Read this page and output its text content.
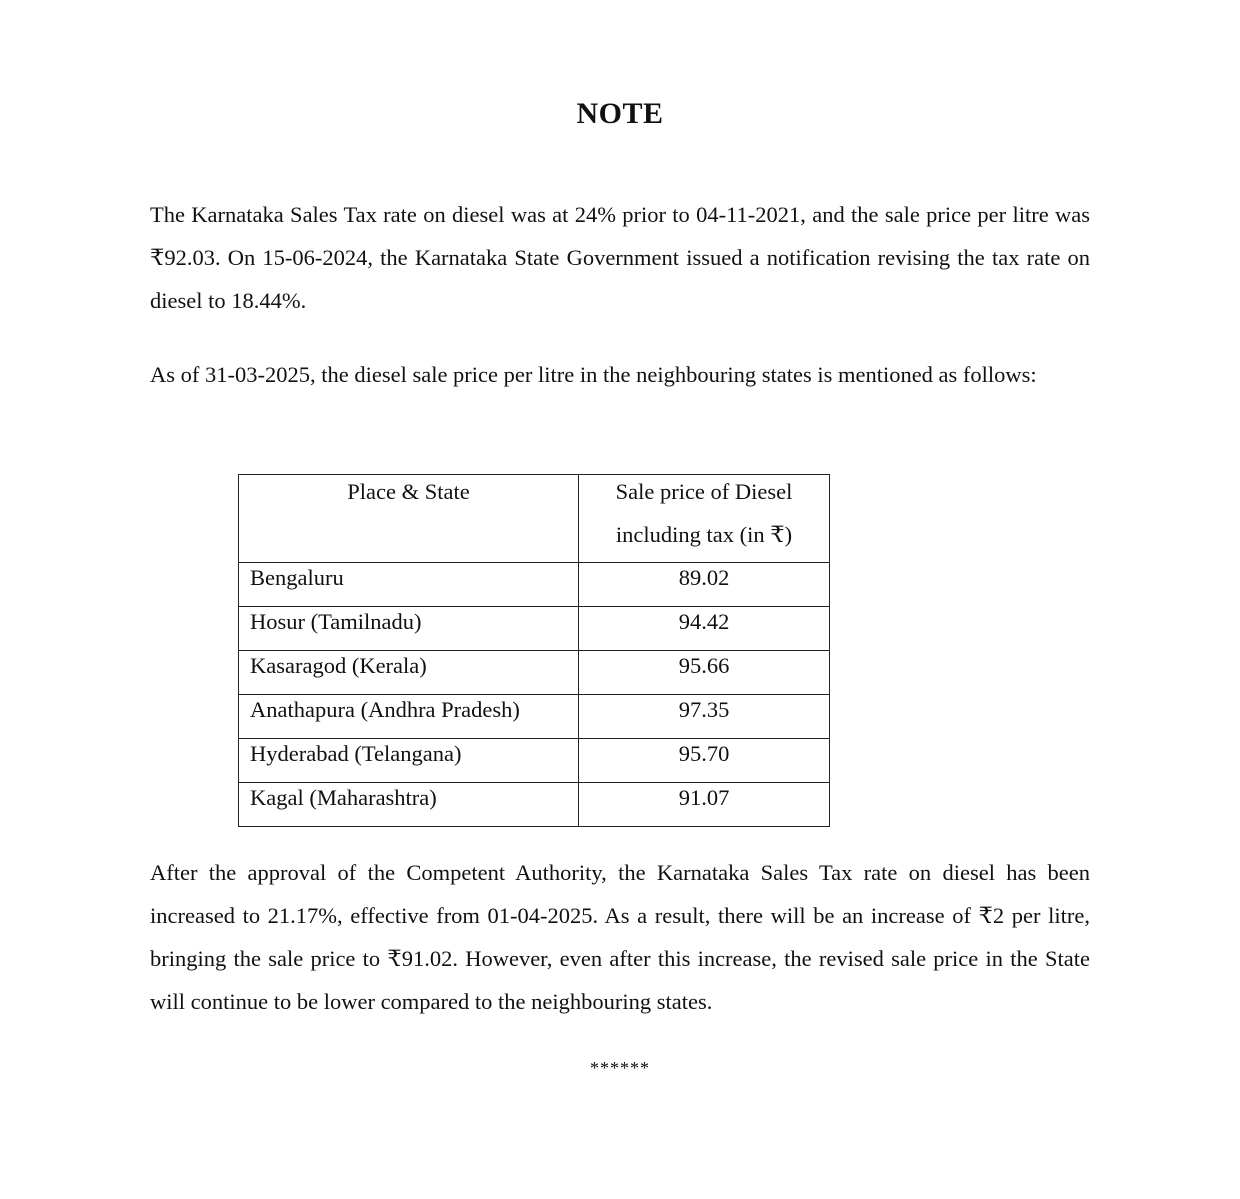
NOTE

The Karnataka Sales Tax rate on diesel was at 24% prior to 04-11-2021, and the sale price per litre was ₹92.03. On 15-06-2024, the Karnataka State Government issued a notification revising the tax rate on diesel to 18.44%.

As of 31-03-2025, the diesel sale price per litre in the neighbouring states is mentioned as follows:

Place & State	Sale price of Diesel
including tax (in ₹)

Bengaluru	89.02
Hosur (Tamilnadu)	94.42
Kasaragod (Kerala)	95.66
Anathapura (Andhra Pradesh)	97.35
Hyderabad (Telangana)	95.70
Kagal (Maharashtra)	91.07

After the approval of the Competent Authority, the Karnataka Sales Tax rate on diesel has been increased to 21.17%, effective from 01-04-2025. As a result, there will be an increase of ₹2 per litre, bringing the sale price to ₹91.02. However, even after this increase, the revised sale price in the State will continue to be lower compared to the neighbouring states.

******
